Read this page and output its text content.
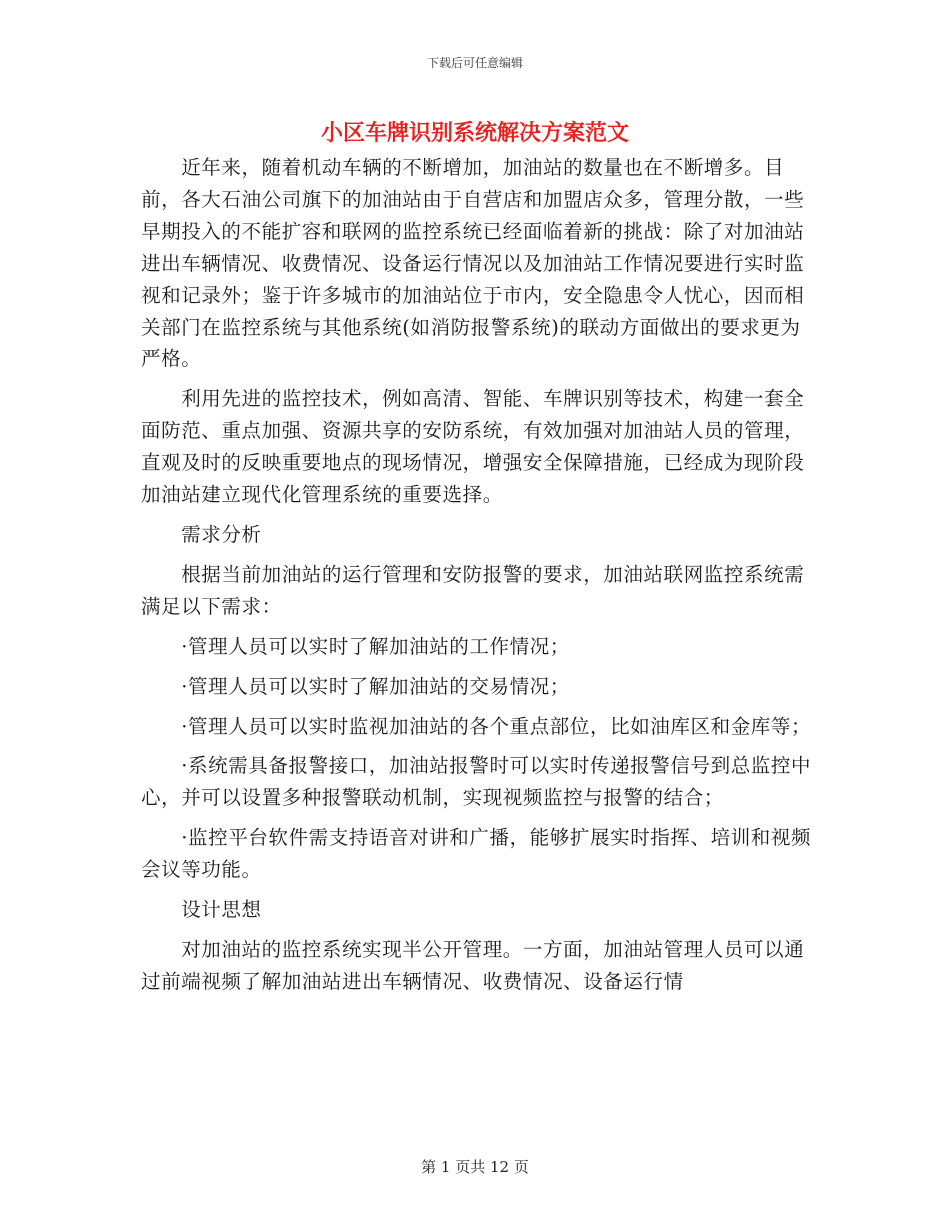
下载后可任意编辑
小区车牌识别系统解决方案范文

　　近年来，随着机动车辆的不断增加，加油站的数量也在不断增多。目前，各大石油公司旗下的加油站由于自营店和加盟店众多，管理分散，一些早期投入的不能扩容和联网的监控系统已经面临着新的挑战：除了对加油站进出车辆情况、收费情况、设备运行情况以及加油站工作情况要进行实时监视和记录外；鉴于许多城市的加油站位于市内，安全隐患令人忧心，因而相关部门在监控系统与其他系统(如消防报警系统)的联动方面做出的要求更为严格。

　　利用先进的监控技术，例如高清、智能、车牌识别等技术，构建一套全面防范、重点加强、资源共享的安防系统，有效加强对加油站人员的管理，直观及时的反映重要地点的现场情况，增强安全保障措施，已经成为现阶段加油站建立现代化管理系统的重要选择。

　　需求分析

　　根据当前加油站的运行管理和安防报警的要求，加油站联网监控系统需满足以下需求：

　　·管理人员可以实时了解加油站的工作情况；

　　·管理人员可以实时了解加油站的交易情况；

　　·管理人员可以实时监视加油站的各个重点部位，比如油库区和金库等；

　　·系统需具备报警接口，加油站报警时可以实时传递报警信号到总监控中心，并可以设置多种报警联动机制，实现视频监控与报警的结合；

　　·监控平台软件需支持语音对讲和广播，能够扩展实时指挥、培训和视频会议等功能。

　　设计思想

　　对加油站的监控系统实现半公开管理。一方面，加油站管理人员可以通过前端视频了解加油站进出车辆情况、收费情况、设备运行情

第 1 页共 12 页
